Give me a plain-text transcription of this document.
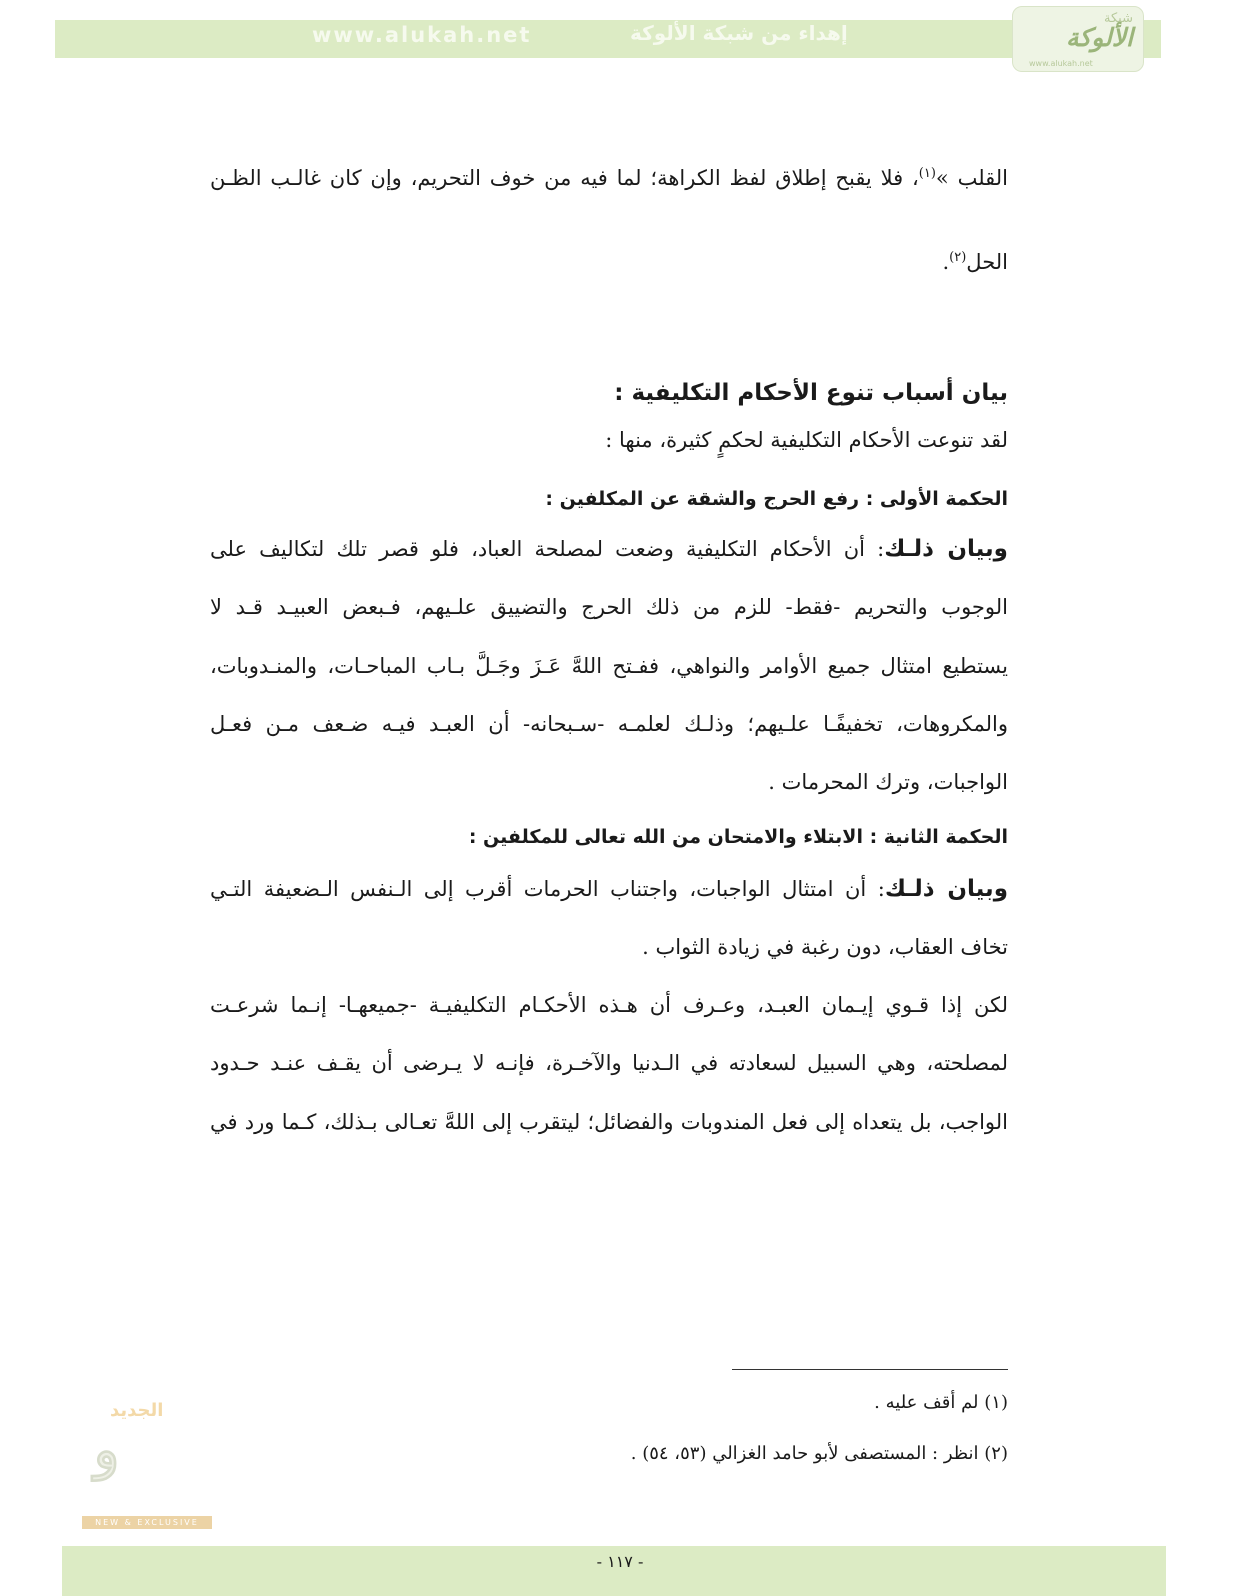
www.alukah.net	إهداء من شبكة الألوكة
شبكة
الألوكة
www.alukah.net
القلب »$^{(١)}$، فلا يقبح إطلاق لفظ الكراهة؛ لما فيه من خوف التحريم، وإن كان غالـب الظـن
الحل$^{(٢)}$.
بيان أسباب تنوع الأحكام التكليفية :
لقد تنوعت الأحكام التكليفية لحكمٍ كثيرة، منها :
الحكمة الأولى : رفع الحرج والشقة عن المكلفين :
وبيان ذلـك: أن الأحكام التكليفية وضعت لمصلحة العباد، فلو قصر تلك لتكاليف على
الوجوب والتحريم -فقط- للزم من ذلك الحرج والتضييق علـيهم، فـبعض العبيـد قـد لا
يستطيع امتثال جميع الأوامر والنواهي، ففـتح اللهَّ عَـزَ وجَـلَّ بـاب المباحـات، والمنـدوبات،
والمكروهات، تخفيفًـا علـيهم؛ وذلـك لعلمـه -سـبحانه- أن العبـد فيـه ضـعف مـن فعـل
الواجبات، وترك المحرمات .
الحكمة الثانية : الابتلاء والامتحان من الله تعالى للمكلفين :
وبيان ذلـك: أن امتثال الواجبات، واجتناب الحرمات أقرب إلى الـنفس الـضعيفة التـي
تخاف العقاب، دون رغبة في زيادة الثواب .
لكن إذا قـوي إيـمان العبـد، وعـرف أن هـذه الأحكـام التكليفيـة -جميعهـا- إنـما شرعـت
لمصلحته، وهي السبيل لسعادته في الـدنيا والآخـرة، فإنـه لا يـرضى أن يقـف عنـد حـدود
الواجب، بل يتعداه إلى فعل المندوبات والفضائل؛ ليتقرب إلى اللهَّ تعـالى بـذلك، كـما ورد في
(١) لم أقف عليه .
(٢) انظر : المستصفى لأبو حامد الغزالي (٥٣، ٥٤) .
الجديد
و
NEW & EXCLUSIVE
- ١١٧ -
